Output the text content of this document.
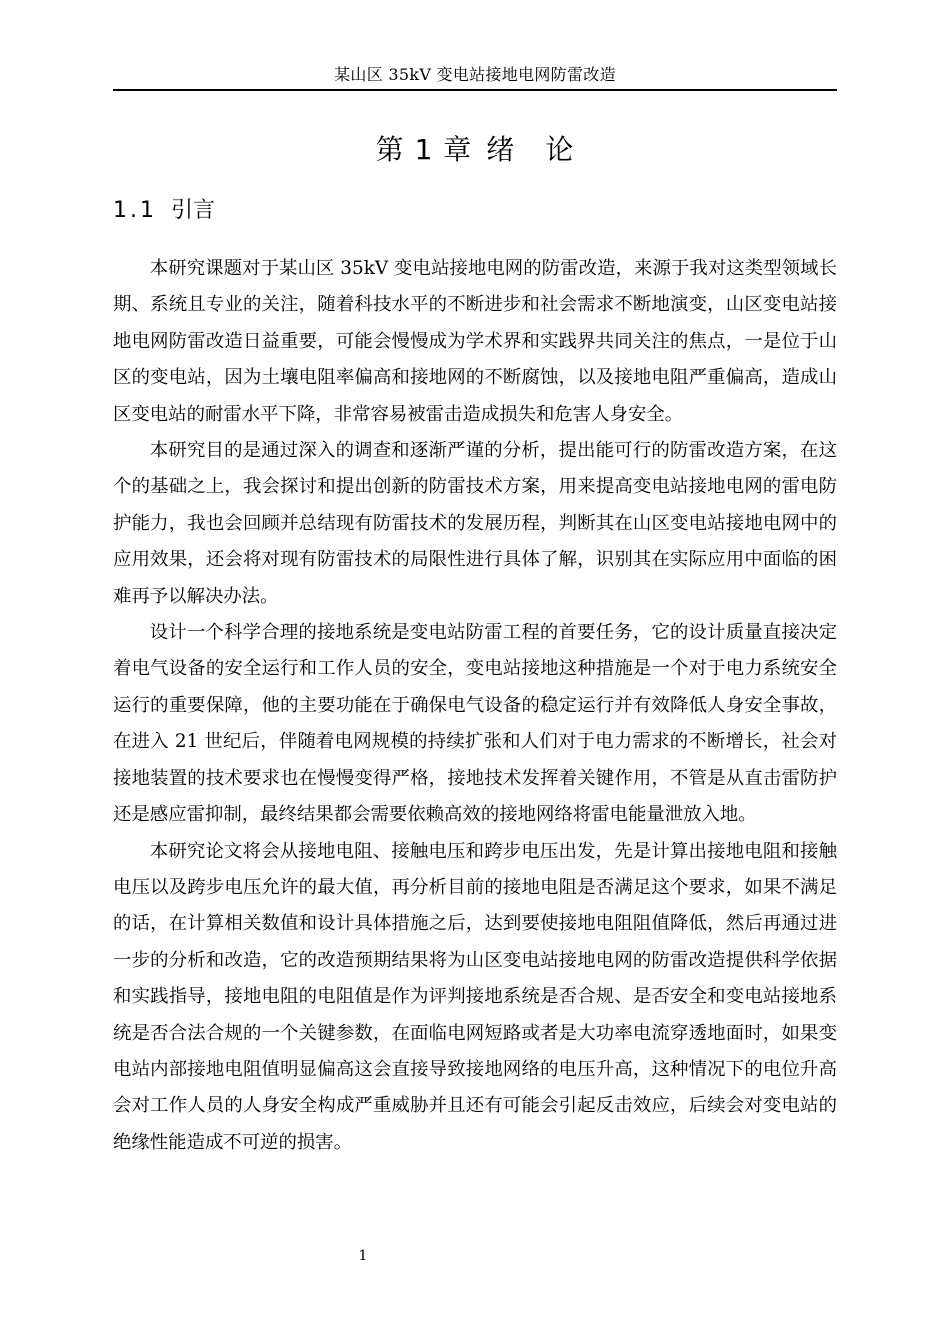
某山区 35kV 变电站接地电网防雷改造
第 1 章 绪 论
1.1 引言

本研究课题对于某山区 35kV 变电站接地电网的防雷改造，来源于我对这类型领域长期、系统且专业的关注，随着科技水平的不断进步和社会需求不断地演变，山区变电站接地电网防雷改造日益重要，可能会慢慢成为学术界和实践界共同关注的焦点，一是位于山区的变电站，因为土壤电阻率偏高和接地网的不断腐蚀，以及接地电阻严重偏高，造成山区变电站的耐雷水平下降，非常容易被雷击造成损失和危害人身安全。

本研究目的是通过深入的调查和逐渐严谨的分析，提出能可行的防雷改造方案，在这个的基础之上，我会探讨和提出创新的防雷技术方案，用来提高变电站接地电网的雷电防护能力，我也会回顾并总结现有防雷技术的发展历程，判断其在山区变电站接地电网中的应用效果，还会将对现有防雷技术的局限性进行具体了解，识别其在实际应用中面临的困难再予以解决办法。

设计一个科学合理的接地系统是变电站防雷工程的首要任务，它的设计质量直接决定着电气设备的安全运行和工作人员的安全，变电站接地这种措施是一个对于电力系统安全运行的重要保障，他的主要功能在于确保电气设备的稳定运行并有效降低人身安全事故，在进入 21 世纪后，伴随着电网规模的持续扩张和人们对于电力需求的不断增长，社会对接地装置的技术要求也在慢慢变得严格，接地技术发挥着关键作用，不管是从直击雷防护还是感应雷抑制，最终结果都会需要依赖高效的接地网络将雷电能量泄放入地。

本研究论文将会从接地电阻、接触电压和跨步电压出发，先是计算出接地电阻和接触电压以及跨步电压允许的最大值，再分析目前的接地电阻是否满足这个要求，如果不满足的话，在计算相关数值和设计具体措施之后，达到要使接地电阻阻值降低，然后再通过进一步的分析和改造，它的改造预期结果将为山区变电站接地电网的防雷改造提供科学依据和实践指导，接地电阻的电阻值是作为评判接地系统是否合规、是否安全和变电站接地系统是否合法合规的一个关键参数，在面临电网短路或者是大功率电流穿透地面时，如果变电站内部接地电阻值明显偏高这会直接导致接地网络的电压升高，这种情况下的电位升高会对工作人员的人身安全构成严重威胁并且还有可能会引起反击效应，后续会对变电站的绝缘性能造成不可逆的损害。

1
